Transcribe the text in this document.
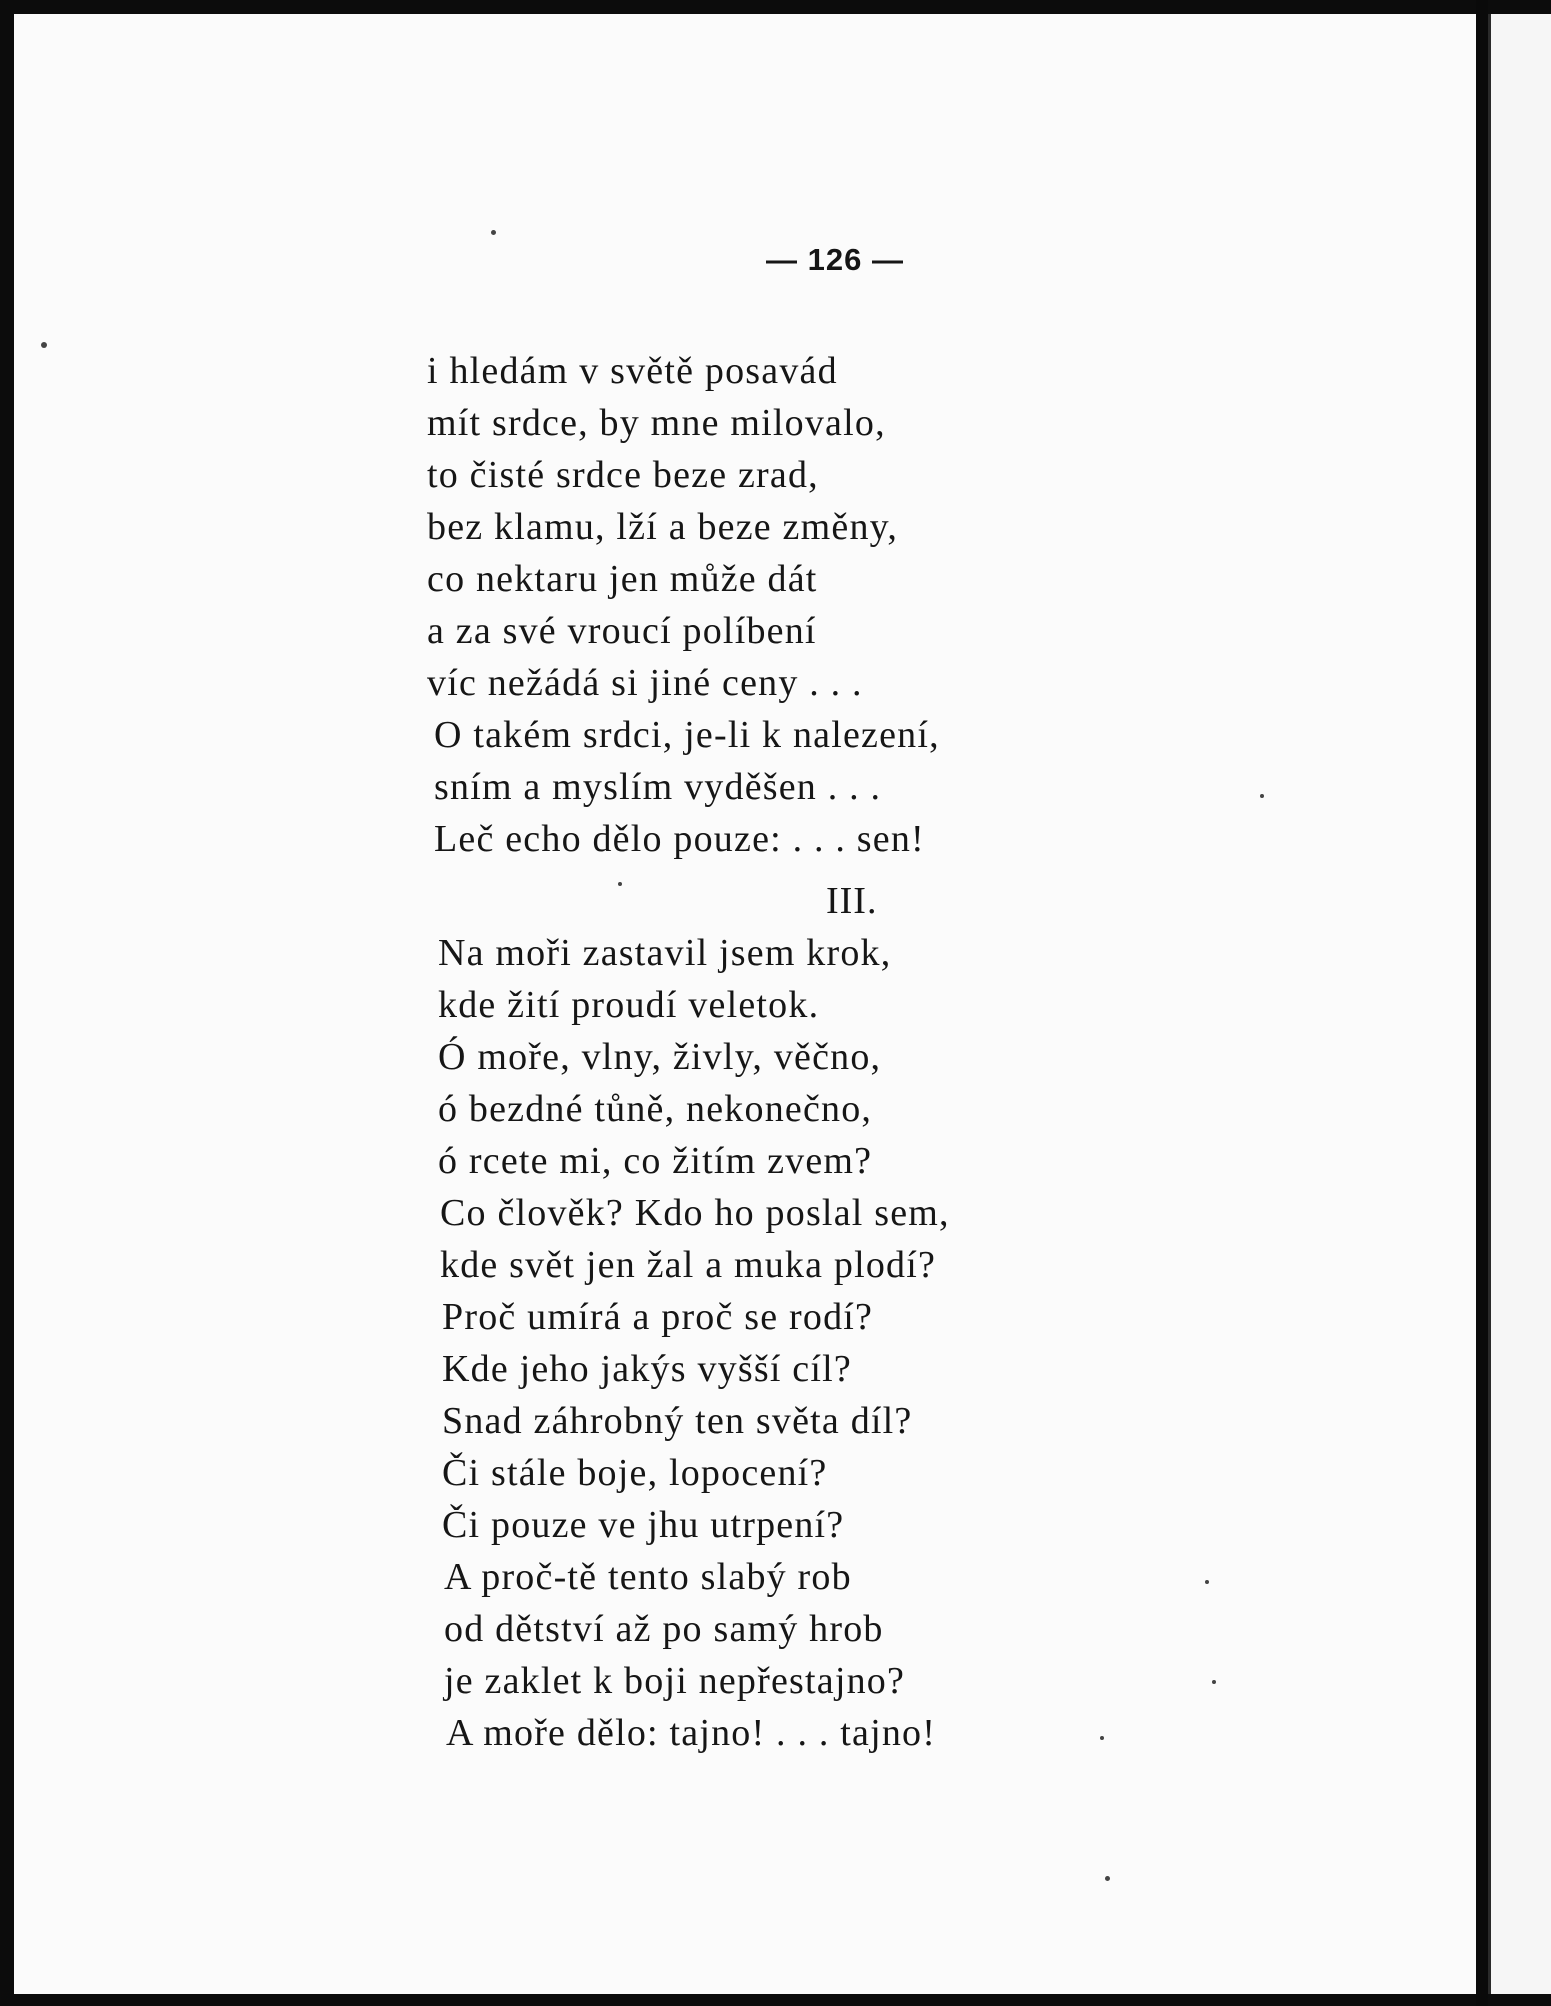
— 126 —
i hledám v světě posavád
mít srdce, by mne milovalo,
to čisté srdce beze zrad,
bez klamu, lží a beze změny,
co nektaru jen může dát
a za své vroucí políbení
víc nežádá si jiné ceny . . .
O takém srdci, je-li k nalezení,
sním a myslím vyděšen . . .
Leč echo dělo pouze: . . . sen!
Na moři zastavil jsem krok,
kde žití proudí veletok.
Ó moře, vlny, živly, věčno,
ó bezdné tůně, nekonečno,
ó rcete mi, co žitím zvem?
Co člověk? Kdo ho poslal sem,
kde svět jen žal a muka plodí?
Proč umírá a proč se rodí?
Kde jeho jakýs vyšší cíl?
Snad záhrobný ten světa díl?
Či stále boje, lopocení?
Či pouze ve jhu utrpení?
A proč-tě tento slabý rob
od dětství až po samý hrob
je zaklet k boji nepřestajno?
A moře dělo: tajno! . . . tajno!
III.
